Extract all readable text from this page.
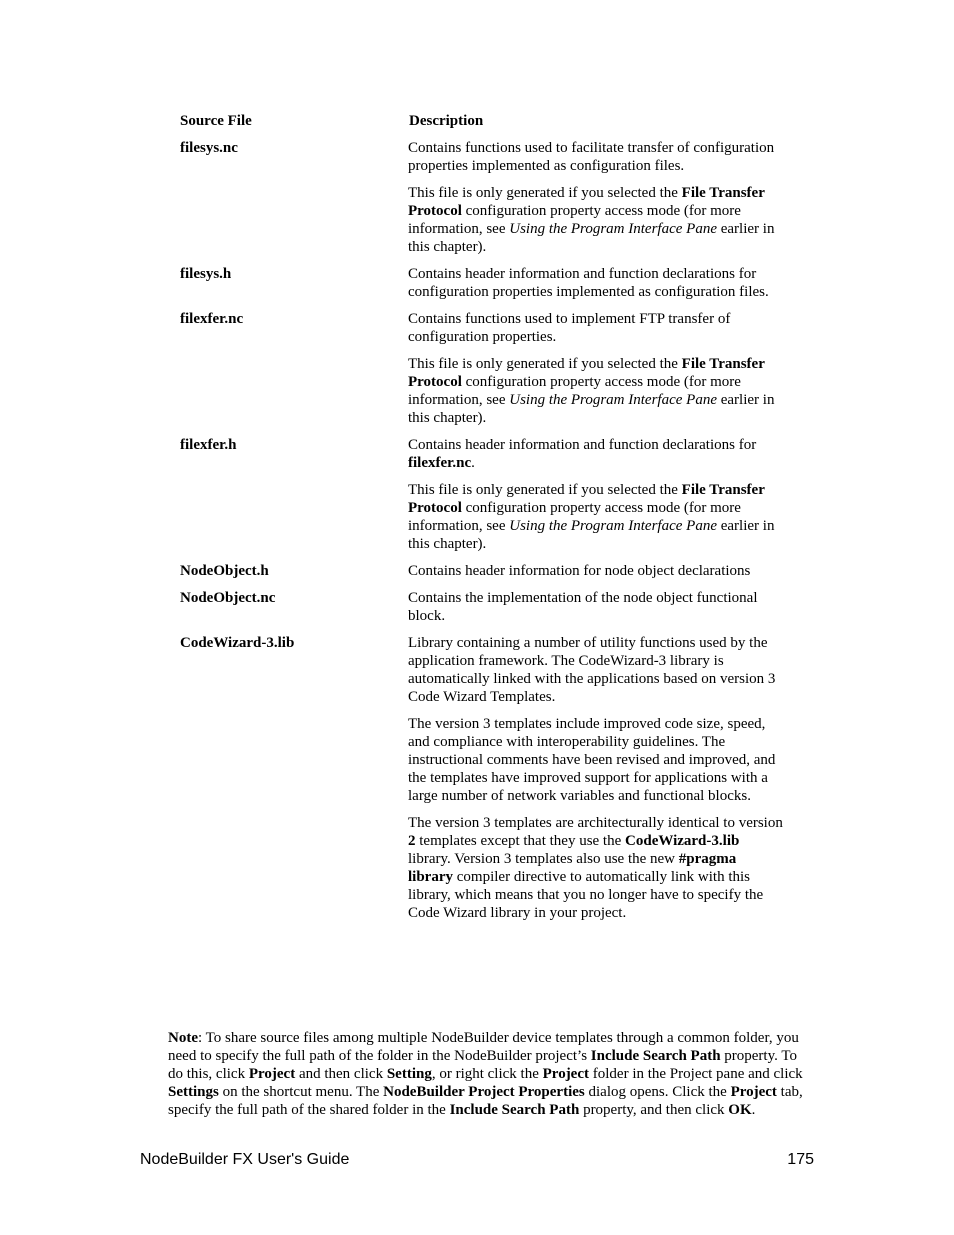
Source File	Description
filesys.nc	Contains functions used to facilitate transfer of configuration properties implemented as configuration files.

This file is only generated if you selected the File Transfer Protocol configuration property access mode (for more information, see Using the Program Interface Pane earlier in this chapter).

filesys.h	Contains header information and function declarations for configuration properties implemented as configuration files.

filexfer.nc	Contains functions used to implement FTP transfer of configuration properties.

This file is only generated if you selected the File Transfer Protocol configuration property access mode (for more information, see Using the Program Interface Pane earlier in this chapter).

filexfer.h	Contains header information and function declarations for filexfer.nc.

This file is only generated if you selected the File Transfer Protocol configuration property access mode (for more information, see Using the Program Interface Pane earlier in this chapter).

NodeObject.h	Contains header information for node object declarations

NodeObject.nc	Contains the implementation of the node object functional block.

CodeWizard-3.lib	Library containing a number of utility functions used by the application framework. The CodeWizard-3 library is automatically linked with the applications based on version 3 Code Wizard Templates.

The version 3 templates include improved code size, speed, and compliance with interoperability guidelines. The instructional comments have been revised and improved, and the templates have improved support for applications with a large number of network variables and functional blocks.

The version 3 templates are architecturally identical to version 2 templates except that they use the CodeWizard-3.lib library. Version 3 templates also use the new #pragma library compiler directive to automatically link with this library, which means that you no longer have to specify the Code Wizard library in your project.

Note: To share source files among multiple NodeBuilder device templates through a common folder, you need to specify the full path of the folder in the NodeBuilder project’s Include Search Path property. To do this, click Project and then click Setting, or right click the Project folder in the Project pane and click Settings on the shortcut menu. The NodeBuilder Project Properties dialog opens. Click the Project tab, specify the full path of the shared folder in the Include Search Path property, and then click OK.

NodeBuilder FX User's Guide	175
